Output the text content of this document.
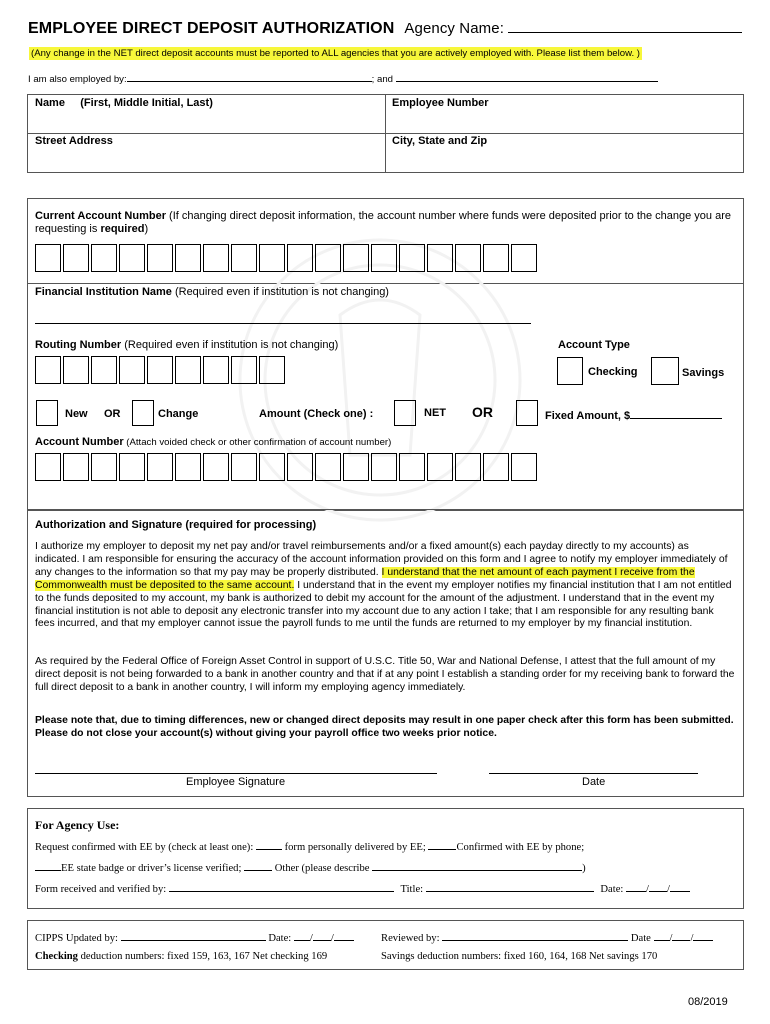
EMPLOYEE DIRECT DEPOSIT AUTHORIZATION Agency Name:
(Any change in the NET direct deposit accounts must be reported to ALL agencies that you are actively employed with. Please list them below. )
I am also employed by:	; and
Name (First, Middle Initial, Last)	Employee Number
Street Address	City, State and Zip
Current Account Number (If changing direct deposit information, the account number where funds were deposited prior to the change you are requesting is required)
Financial Institution Name (Required even if institution is not changing)
Routing Number (Required even if institution is not changing)	Account Type
Checking	Savings
New OR	Change	Amount (Check one) :	NET OR	Fixed Amount, $
Account Number (Attach voided check or other confirmation of account number)
Authorization and Signature (required for processing)
I authorize my employer to deposit my net pay and/or travel reimbursements and/or a fixed amount(s) each payday directly to my accounts) as indicated. I am responsible for ensuring the accuracy of the account information provided on this form and I agree to notify my employer immediately of any changes to the information so that my pay may be properly distributed. I understand that the net amount of each payment I receive from the Commonwealth must be deposited to the same account. I understand that in the event my employer notifies my financial institution that I am not entitled to the funds deposited to my account, my bank is authorized to debit my account for the amount of the adjustment. I understand that in the event my financial institution is not able to deposit any electronic transfer into my account due to any action I take; that I am responsible for any resulting bank fees incurred, and that my employer cannot issue the payroll funds to me until the funds are returned to my employer by my financial institution.
As required by the Federal Office of Foreign Asset Control in support of U.S.C. Title 50, War and National Defense, I attest that the full amount of my direct deposit is not being forwarded to a bank in another country and that if at any point I establish a standing order for my receiving bank to forward the full direct deposit to a bank in another country, I will inform my employing agency immediately.
Please note that, due to timing differences, new or changed direct deposits may result in one paper check after this form has been submitted. Please do not close your account(s) without giving your payroll office two weeks prior notice.
Employee Signature	Date
For Agency Use:
Request confirmed with EE by (check at least one):	form personally delivered by EE;	Confirmed with EE by phone;
EE state badge or driver’s license verified;	Other (please describe	)
Form received and verified by:	Title:	Date: / /
CIPPS Updated by:	Date: / /	Reviewed by:	Date / /
Checking deduction numbers: fixed 159, 163, 167 Net checking 169	Savings deduction numbers: fixed 160, 164, 168 Net savings 170
08/2019
